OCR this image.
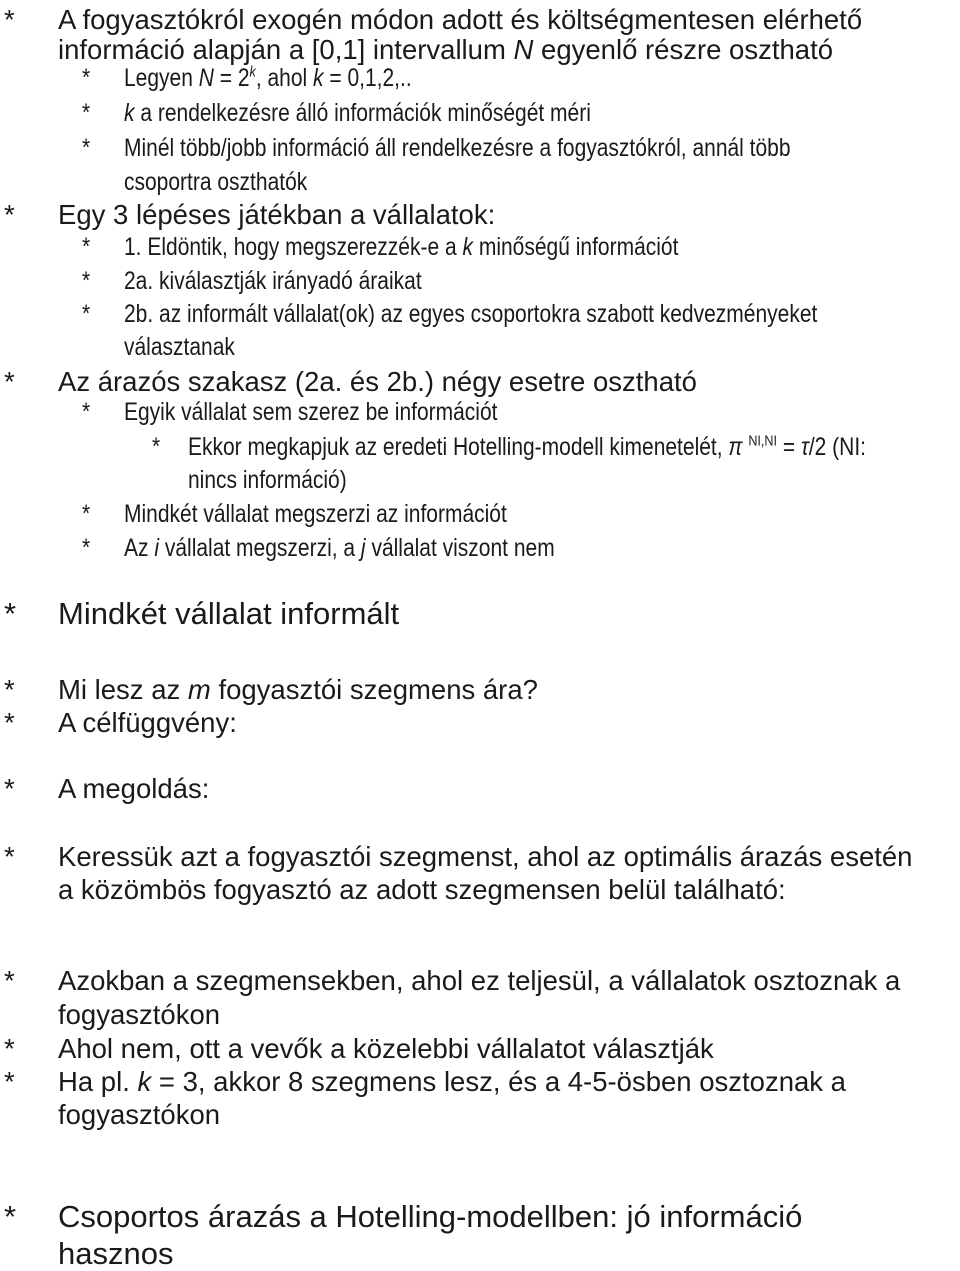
* A fogyasztókról exogén módon adott és költségmentesen elérhető
információ alapján a [0,1] intervallum N egyenlő részre osztható
* Legyen $N = 2^k$, ahol k = 0,1,2,..
* k a rendelkezésre álló információk minőségét méri
* Minél több/jobb információ áll rendelkezésre a fogyasztókról, annál több
csoportra oszthatók
* Egy 3 lépéses játékban a vállalatok:
* 1. Eldöntik, hogy megszerezzék-e a k minőségű információt
* 2a. kiválasztják irányadó áraikat
* 2b. az informált vállalat(ok) az egyes csoportokra szabott kedvezményeket
választanak
* Az árazós szakasz (2a. és 2b.) négy esetre osztható
* Egyik vállalat sem szerez be információt
* Ekkor megkapjuk az eredeti Hotelling-modell kimenetelét, π $^{NI,NI}$ = τ/2 (NI:
nincs információ)
* Mindkét vállalat megszerzi az információt
* Az i vállalat megszerzi, a j vállalat viszont nem
* Mindkét vállalat informált
* Mi lesz az m fogyasztói szegmens ára?
* A célfüggvény:
* A megoldás:
* Keressük azt a fogyasztói szegmenst, ahol az optimális árazás esetén
a közömbös fogyasztó az adott szegmensen belül található:
* Azokban a szegmensekben, ahol ez teljesül, a vállalatok osztoznak a
fogyasztókon
* Ahol nem, ott a vevők a közelebbi vállalatot választják
* Ha pl. k = 3, akkor 8 szegmens lesz, és a 4-5-ösben osztoznak a
fogyasztókon
* Csoportos árazás a Hotelling-modellben: jó információ
hasznos
